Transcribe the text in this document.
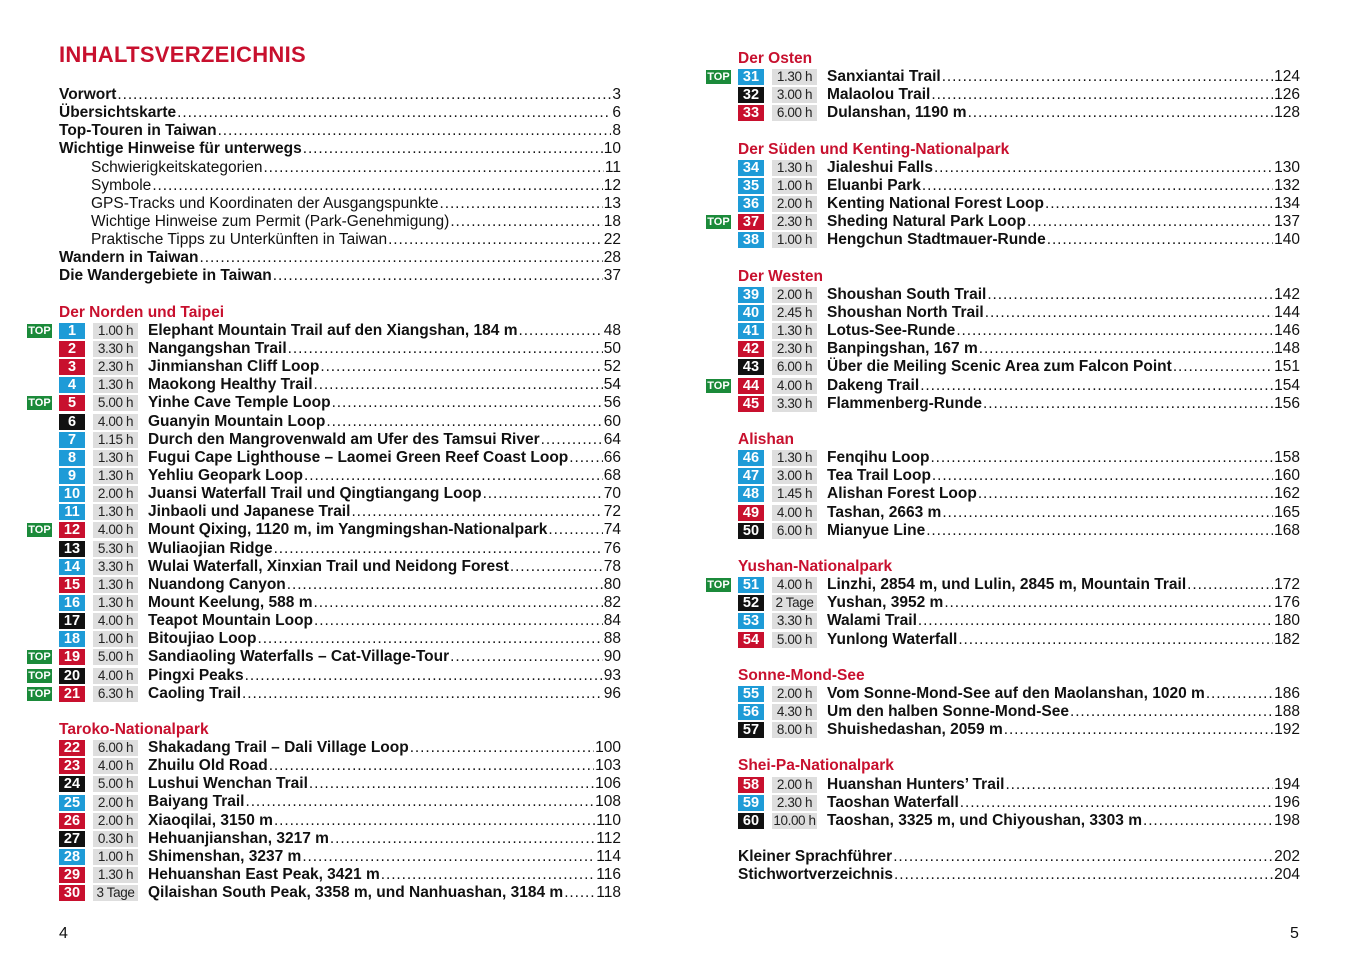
INHALTSVERZEICHNIS
Vorwort . . .	3
Übersichtskarte . . .	6
Top-Touren in Taiwan . . .	8
Wichtige Hinweise für unterwegs . . .	10
Schwierigkeitskategorien . . .	11
Symbole . . .	12
GPS-Tracks und Koordinaten der Ausgangspunkte . . .	13
Wichtige Hinweise zum Permit (Park-Genehmigung) . . .	18
Praktische Tipps zu Unterkünften in Taiwan . . .	22
Wandern in Taiwan . . .	28
Die Wandergebiete in Taiwan . . .	37
Der Norden und Taipei
TOP	1	1.00 h Elephant Mountain Trail auf den Xiangshan, 184 m . . .	48
2	3.30 h Nangangshan Trail . . .	50
3	2.30 h Jinmianshan Cliff Loop . . .	52
4	1.30 h Maokong Healthy Trail . . .	54
TOP	5	5.00 h Yinhe Cave Temple Loop . . .	56
6	4.00 h Guanyin Mountain Loop . . .	60
7	1.15 h Durch den Mangrovenwald am Ufer des Tamsui River . . .	64
8	1.30 h Fugui Cape Lighthouse – Laomei Green Reef Coast Loop . . . 66
9	1.30 h Yehliu Geopark Loop . . .	68
10	2.00 h Juansi Waterfall Trail und Qingtiangang Loop . . .	70
11	1.30 h Jinbaoli und Japanese Trail . . .	72
TOP 12	4.00 h Mount Qixing, 1120 m, im Yangmingshan-Nationalpark . . .	74
13	5.30 h Wuliaojian Ridge . . .	76
14	3.30 h Wulai Waterfall, Xinxian Trail und Neidong Forest . . .	78
15	1.30 h Nuandong Canyon . . .	80
16	1.30 h Mount Keelung, 588 m . . .	82
17	4.00 h Teapot Mountain Loop . . .	84
18	1.00 h Bitoujiao Loop . . .	88
TOP 19	5.00 h Sandiaoling Waterfalls – Cat-Village-Tour . . .	90
TOP 20	4.00 h Pingxi Peaks . . .	93
TOP 21	6.30 h Caoling Trail . . .	96
Taroko-Nationalpark
22	6.00 h Shakadang Trail – Dali Village Loop . . .	100
23	4.00 h Zhuilu Old Road . . .	103
24	5.00 h Lushui Wenchan Trail . . .	106
25	2.00 h Baiyang Trail . . .	108
26	2.00 h Xiaoqilai, 3150 m . . .	110
27	0.30 h Hehuanjianshan, 3217 m . . .	112
28	1.00 h Shimenshan, 3237 m . . .	114
29	1.30 h Hehuanshan East Peak, 3421 m . . .	116
30	3 Tage Qilaishan South Peak, 3358 m, und Nanhuashan, 3184 m . . . 118
Der Osten
TOP 31	1.30 h Sanxiantai Trail . . .	124
32	3.00 h Malaolou Trail . . .	126
33	6.00 h Dulanshan, 1190 m . . .	128
Der Süden und Kenting-Nationalpark
34	1.30 h Jialeshui Falls . . .	130
35	1.00 h Eluanbi Park . . .	132
36	2.00 h Kenting National Forest Loop . . .	134
TOP 37	2.30 h Sheding Natural Park Loop . . .	137
38	1.00 h Hengchun Stadtmauer-Runde . . .	140
Der Westen
39	2.00 h Shoushan South Trail . . .	142
40	2.45 h Shoushan North Trail . . .	144
41	1.30 h Lotus-See-Runde . . .	146
42	2.30 h Banpingshan, 167 m . . .	148
43	6.00 h Über die Meiling Scenic Area zum Falcon Point . . .	151
TOP 44	4.00 h Dakeng Trail . . .	154
45	3.30 h Flammenberg-Runde . . .	156
Alishan
46	1.30 h Fenqihu Loop . . .	158
47	3.00 h Tea Trail Loop . . .	160
48	1.45 h Alishan Forest Loop . . .	162
49	4.00 h Tashan, 2663 m . . .	165
50	6.00 h Mianyue Line . . .	168
Yushan-Nationalpark
TOP 51	4.00 h Linzhi, 2854 m, und Lulin, 2845 m, Mountain Trail . . .	172
52	2 Tage Yushan, 3952 m . . .	176
53	3.30 h Walami Trail . . .	180
54	5.00 h Yunlong Waterfall . . .	182
Sonne-Mond-See
55	2.00 h Vom Sonne-Mond-See auf den Maolanshan, 1020 m . . .	186
56	4.30 h Um den halben Sonne-Mond-See . . .	188
57	8.00 h Shuishedashan, 2059 m . . .	192
Shei-Pa-Nationalpark
58	2.00 h Huanshan Hunters’ Trail . . .	194
59	2.30 h Taoshan Waterfall . . .	196
60	10.00 h Taoshan, 3325 m, und Chiyoushan, 3303 m . . .	198
Kleiner Sprachführer . . .	202
Stichwortverzeichnis . . .	204
4	5
